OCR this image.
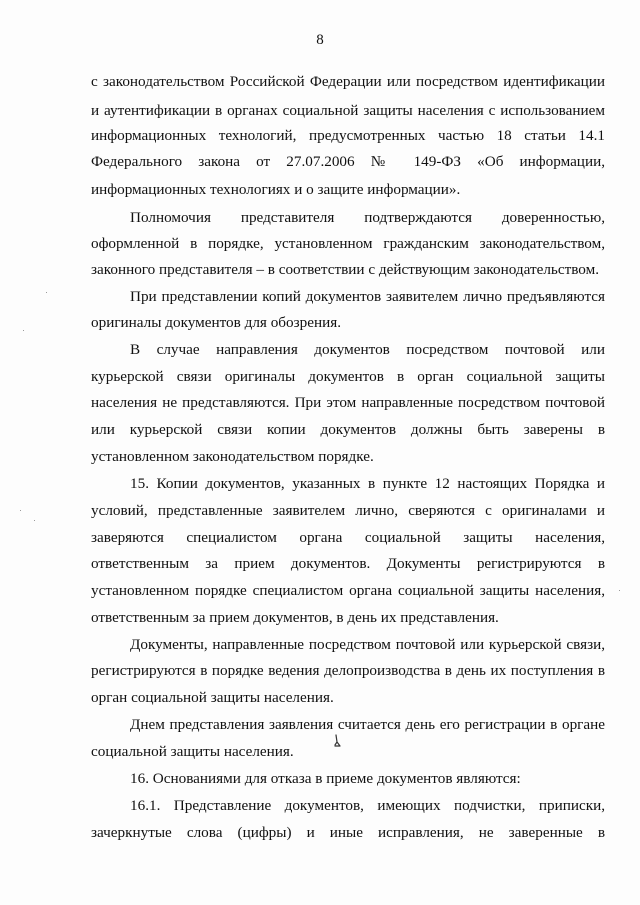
8
с законодательством Российской Федерации или посредством идентификации
и аутентификации в органах социальной защиты населения с использованием
информационных технологий, предусмотренных частью 18 статьи 14.1
Федерального закона от 27.07.2006 № 149-ФЗ «Об информации,
информационных технологиях и о защите информации».
Полномочия представителя подтверждаются доверенностью,
оформленной в порядке, установленном гражданским законодательством,
законного представителя – в соответствии с действующим законодательством.
При представлении копий документов заявителем лично предъявляются
оригиналы документов для обозрения.
В случае направления документов посредством почтовой или
курьерской связи оригиналы документов в орган социальной защиты
населения не представляются. При этом направленные посредством почтовой
или курьерской связи копии документов должны быть заверены в
установленном законодательством порядке.
15. Копии документов, указанных в пункте 12 настоящих Порядка и
условий, представленные заявителем лично, сверяются с оригиналами и
заверяются специалистом органа социальной защиты населения,
ответственным за прием документов. Документы регистрируются в
установленном порядке специалистом органа социальной защиты населения,
ответственным за прием документов, в день их представления.
Документы, направленные посредством почтовой или курьерской связи,
регистрируются в порядке ведения делопроизводства в день их поступления в
орган социальной защиты населения.
Днем представления заявления считается день его регистрации в органе
социальной защиты населения.
16. Основаниями для отказа в приеме документов являются:
16.1. Представление документов, имеющих подчистки, приписки,
зачеркнутые слова (цифры) и иные исправления, не заверенные в
